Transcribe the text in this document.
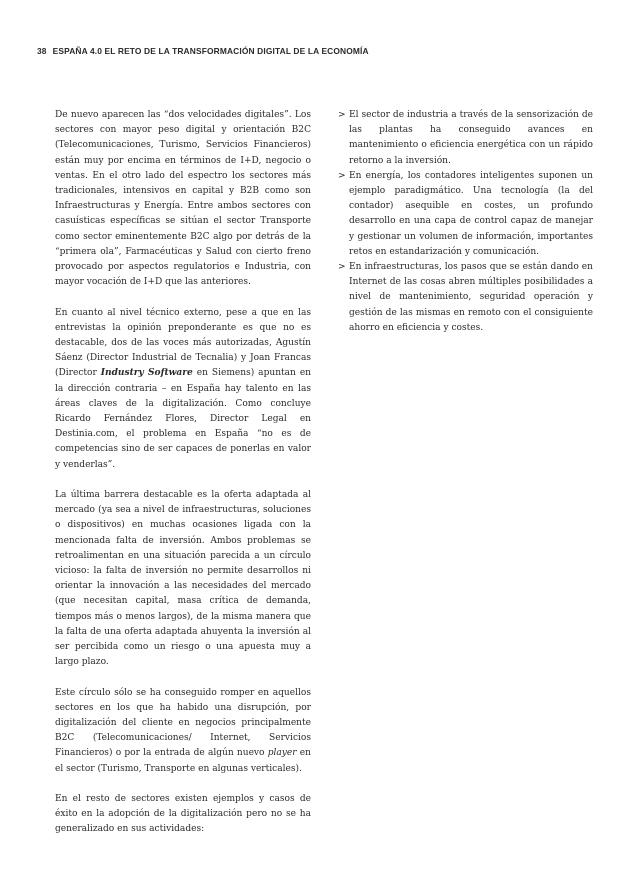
38 ESPAÑA 4.0 EL RETO DE LA TRANSFORMACIÓN DIGITAL DE LA ECONOMÍA

De nuevo aparecen las “dos velocidades digitales”. Los sectores con mayor peso digital y orientación B2C (Telecomunicaciones, Turismo, Servicios Financieros) están muy por encima en términos de I+D, negocio o ventas. En el otro lado del espectro los sectores más tradicionales, intensivos en capital y B2B como son Infraestructuras y Energía. Entre ambos sectores con casuísticas específicas se sitúan el sector Transporte como sector eminentemente B2C algo por detrás de la “primera ola”, Farmacéuticas y Salud con cierto freno provocado por aspectos regulatorios e Industria, con mayor vocación de I+D que las anteriores.

En cuanto al nivel técnico externo, pese a que en las entrevistas la opinión preponderante es que no es destacable, dos de las voces más autorizadas, Agustín Sáenz (Director Industrial de Tecnalia) y Joan Francas (Director Industry Software en Siemens) apuntan en la dirección contraria – en España hay talento en las áreas claves de la digitalización. Como concluye Ricardo Fernández Flores, Director Legal en Destinia.com, el problema en España “no es de competencias sino de ser capaces de ponerlas en valor y venderlas”.

La última barrera destacable es la oferta adaptada al mercado (ya sea a nivel de infraestructuras, soluciones o dispositivos) en muchas ocasiones ligada con la mencionada falta de inversión. Ambos problemas se retroalimentan en una situación parecida a un círculo vicioso: la falta de inversión no permite desarrollos ni orientar la innovación a las necesidades del mercado (que necesitan capital, masa crítica de demanda, tiempos más o menos largos), de la misma manera que la falta de una oferta adaptada ahuyenta la inversión al ser percibida como un riesgo o una apuesta muy a largo plazo.

Este círculo sólo se ha conseguido romper en aquellos sectores en los que ha habido una disrupción, por digitalización del cliente en negocios principalmente B2C (Telecomunicaciones/ Internet, Servicios Financieros) o por la entrada de algún nuevo player en el sector (Turismo, Transporte en algunas verticales).

En el resto de sectores existen ejemplos y casos de éxito en la adopción de la digitalización pero no se ha generalizado en sus actividades:

> El sector de industria a través de la sensorización de las plantas ha conseguido avances en mantenimiento o eficiencia energética con un rápido retorno a la inversión.
> En energía, los contadores inteligentes suponen un ejemplo paradigmático. Una tecnología (la del contador) asequible en costes, un profundo desarrollo en una capa de control capaz de manejar y gestionar un volumen de información, importantes retos en estandarización y comunicación.
> En infraestructuras, los pasos que se están dando en Internet de las cosas abren múltiples posibilidades a nivel de mantenimiento, seguridad operación y gestión de las mismas en remoto con el consiguiente ahorro en eficiencia y costes.
